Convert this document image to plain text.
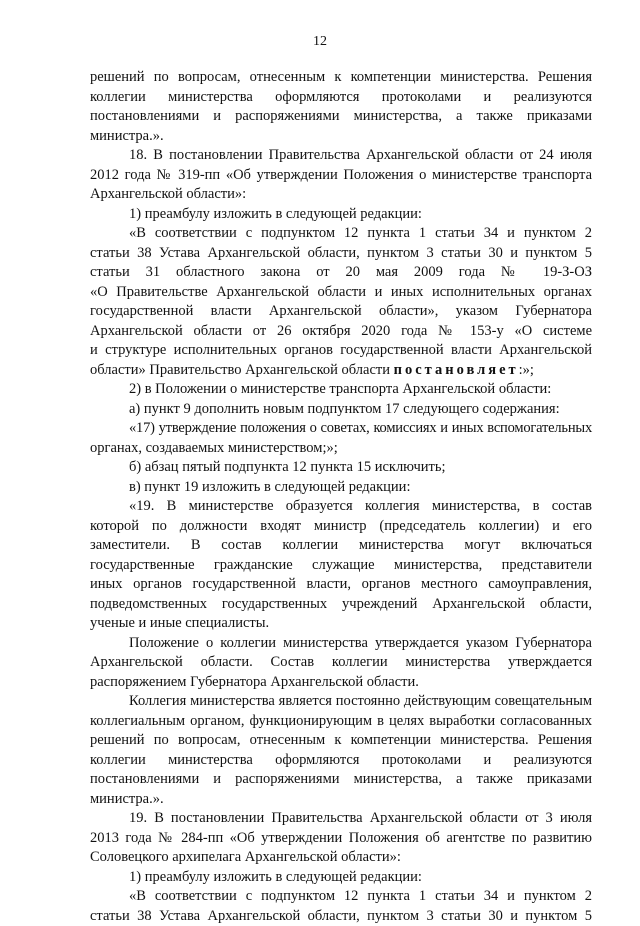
12
решений по вопросам, отнесенным к компетенции министерства. Решения
коллегии министерства оформляются протоколами и реализуются
постановлениями и распоряжениями министерства, а также приказами
министра.».
18. В постановлении Правительства Архангельской области от 24 июля
2012 года № 319-пп «Об утверждении Положения о министерстве транспорта
Архангельской области»:
1) преамбулу изложить в следующей редакции:
«В соответствии с подпунктом 12 пункта 1 статьи 34 и пунктом 2
статьи 38 Устава Архангельской области, пунктом 3 статьи 30 и пунктом 5
статьи 31 областного закона от 20 мая 2009 года № 19-З-ОЗ
«О Правительстве Архангельской области и иных исполнительных органах
государственной власти Архангельской области», указом Губернатора
Архангельской области от 26 октября 2020 года № 153-у «О системе
и структуре исполнительных органов государственной власти Архангельской
области» Правительство Архангельской области постановляет:»;
2) в Положении о министерстве транспорта Архангельской области:
а) пункт 9 дополнить новым подпунктом 17 следующего содержания:
«17) утверждение положения о советах, комиссиях и иных вспомогательных
органах, создаваемых министерством;»;
б) абзац пятый подпункта 12 пункта 15 исключить;
в) пункт 19 изложить в следующей редакции:
«19. В министерстве образуется коллегия министерства, в состав
которой по должности входят министр (председатель коллегии) и его
заместители. В состав коллегии министерства могут включаться
государственные гражданские служащие министерства, представители
иных органов государственной власти, органов местного самоуправления,
подведомственных государственных учреждений Архангельской области,
ученые и иные специалисты.
Положение о коллегии министерства утверждается указом Губернатора
Архангельской области. Состав коллегии министерства утверждается
распоряжением Губернатора Архангельской области.
Коллегия министерства является постоянно действующим совещательным
коллегиальным органом, функционирующим в целях выработки согласованных
решений по вопросам, отнесенным к компетенции министерства. Решения
коллегии министерства оформляются протоколами и реализуются
постановлениями и распоряжениями министерства, а также приказами
министра.».
19. В постановлении Правительства Архангельской области от 3 июля
2013 года № 284-пп «Об утверждении Положения об агентстве по развитию
Соловецкого архипелага Архангельской области»:
1) преамбулу изложить в следующей редакции:
«В соответствии с подпунктом 12 пункта 1 статьи 34 и пунктом 2
статьи 38 Устава Архангельской области, пунктом 3 статьи 30 и пунктом 5
